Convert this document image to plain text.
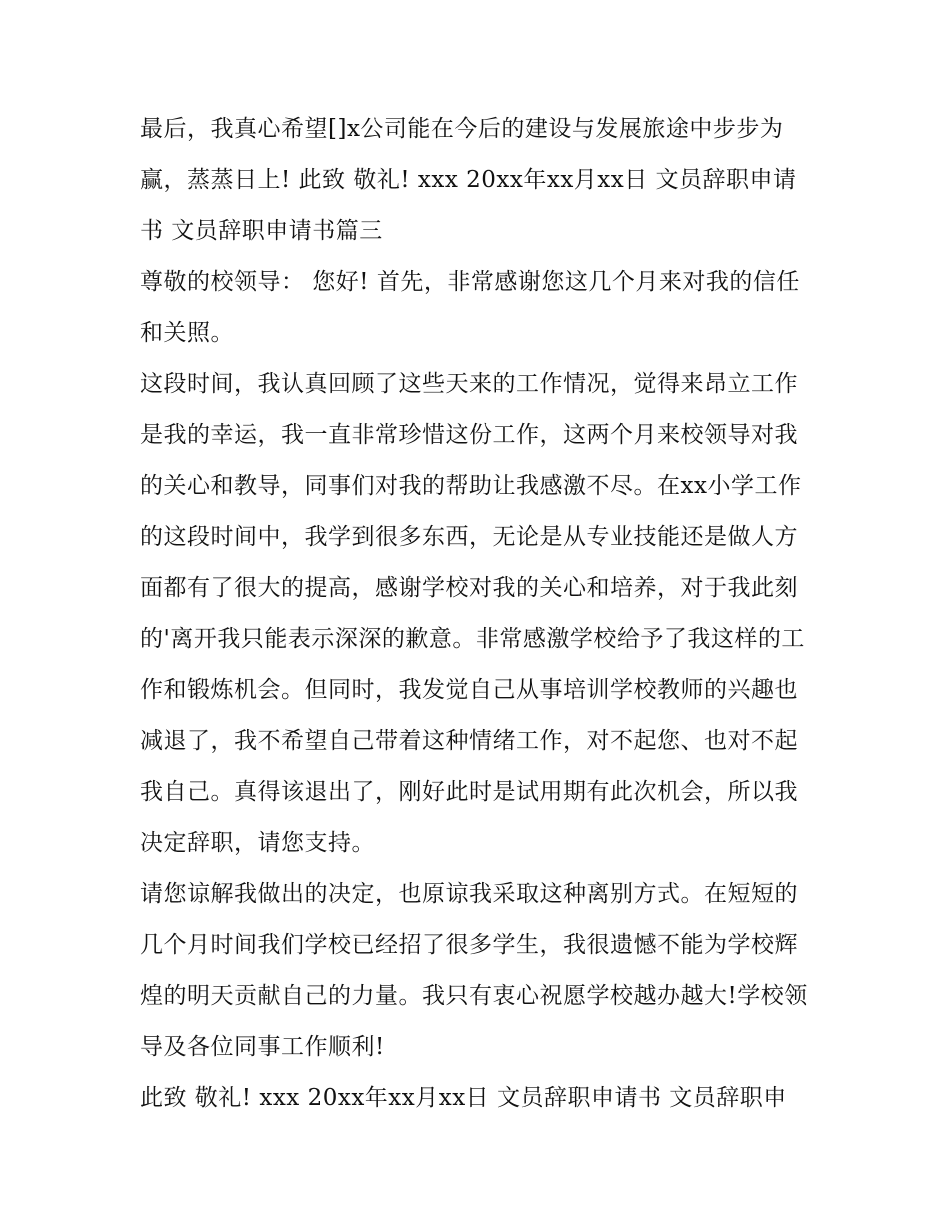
最后，我真心希望[]x公司能在今后的建设与发展旅途中步步为赢，蒸蒸日上! 此致 敬礼! xxx 20xx年xx月xx日 文员辞职申请书 文员辞职申请书篇三

尊敬的校领导： 您好! 首先，非常感谢您这几个月来对我的信任和关照。

这段时间，我认真回顾了这些天来的工作情况，觉得来昂立工作是我的幸运，我一直非常珍惜这份工作，这两个月来校领导对我的关心和教导，同事们对我的帮助让我感激不尽。在xx小学工作的这段时间中，我学到很多东西，无论是从专业技能还是做人方面都有了很大的提高，感谢学校对我的关心和培养，对于我此刻的'离开我只能表示深深的歉意。非常感激学校给予了我这样的工作和锻炼机会。但同时，我发觉自己从事培训学校教师的兴趣也减退了，我不希望自己带着这种情绪工作，对不起您、也对不起我自己。真得该退出了，刚好此时是试用期有此次机会，所以我决定辞职，请您支持。

请您谅解我做出的决定，也原谅我采取这种离别方式。在短短的几个月时间我们学校已经招了很多学生，我很遗憾不能为学校辉煌的明天贡献自己的力量。我只有衷心祝愿学校越办越大!学校领导及各位同事工作顺利!

此致 敬礼! xxx 20xx年xx月xx日 文员辞职申请书 文员辞职申
